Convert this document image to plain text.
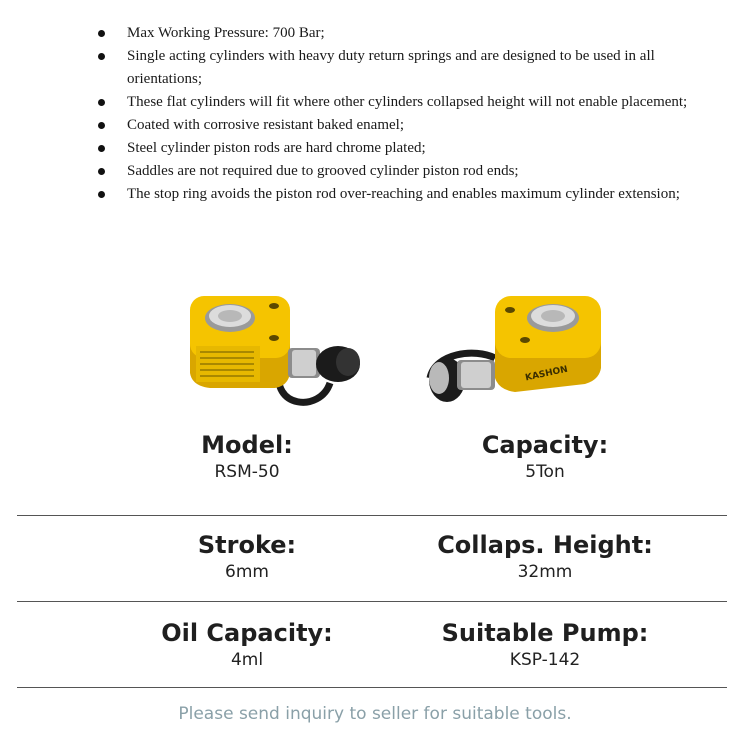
Max Working Pressure: 700 Bar;
Single acting cylinders with heavy duty return springs and are designed to be used in all orientations;
These flat cylinders will fit where other cylinders collapsed height will not enable placement;
Coated with corrosive resistant baked enamel;
Steel cylinder piston rods are hard chrome plated;
Saddles are not required due to grooved cylinder piston rod ends;
The stop ring avoids the piston rod over-reaching and enables maximum cylinder extension;
KASHON
Model:
RSM-50
Capacity:
5Ton
Stroke:
6mm
Collaps. Height:
32mm
Oil Capacity:
4ml
Suitable Pump:
KSP-142
Please send inquiry to seller for suitable tools.
